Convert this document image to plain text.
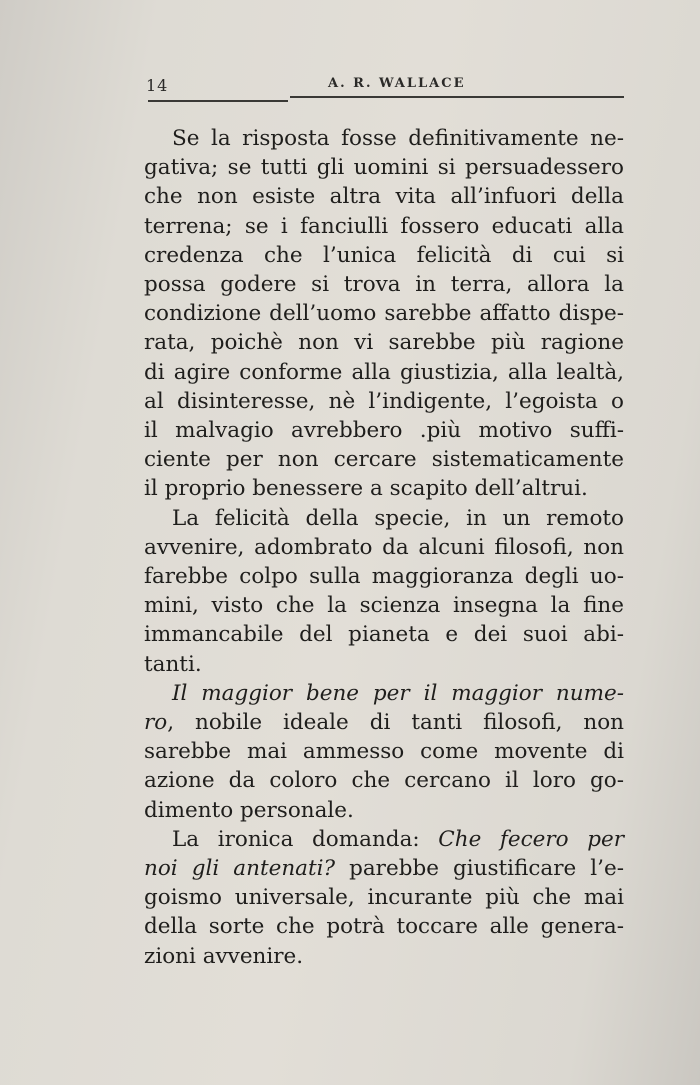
14	A. R. WALLACE
Se la risposta fosse definitivamente ne-
gativa; se tutti gli uomini si persuadessero
che non esiste altra vita all’infuori della
terrena; se i fanciulli fossero educati alla
credenza che l’unica felicità di cui si
possa godere si trova in terra, allora la
condizione dell’uomo sarebbe affatto dispe-
rata, poichè non vi sarebbe più ragione
di agire conforme alla giustizia, alla lealtà,
al disinteresse, nè l’indigente, l’egoista o
il malvagio avrebbero .più motivo suffi-
ciente per non cercare sistematicamente
il proprio benessere a scapito dell’altrui.
La felicità della specie, in un remoto
avvenire, adombrato da alcuni filosofi, non
farebbe colpo sulla maggioranza degli uo-
mini, visto che la scienza insegna la fine
immancabile del pianeta e dei suoi abi-
tanti.
Il maggior bene per il maggior nume-
ro, nobile ideale di tanti filosofi, non
sarebbe mai ammesso come movente di
azione da coloro che cercano il loro go-
dimento personale.
La ironica domanda: Che fecero per
noi gli antenati? parebbe giustificare l’e-
goismo universale, incurante più che mai
della sorte che potrà toccare alle genera-
zioni avvenire.
